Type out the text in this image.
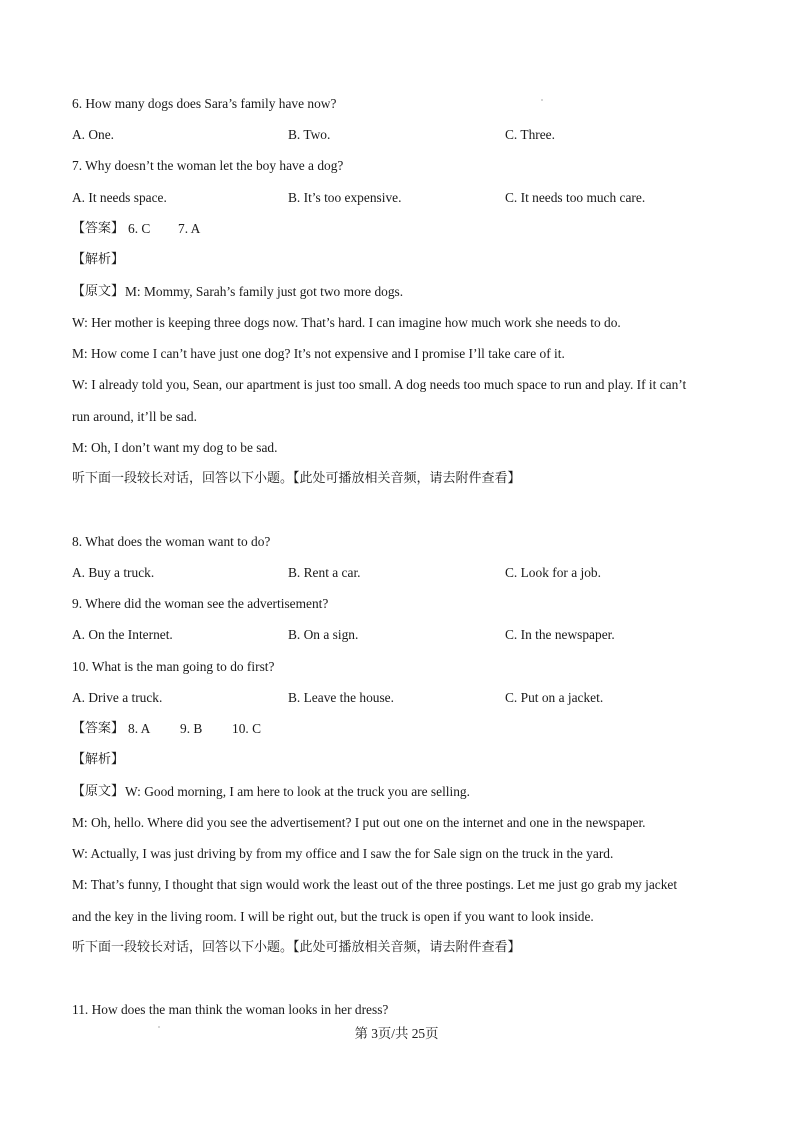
6. How many dogs does Sara’s family have now?
A. One.	B. Two.	C. Three.
7. Why doesn’t the woman let the boy have a dog?
A. It needs space.	B. It’s too expensive.	C. It needs too much care.
【答案】 6. C 7. A
【解析】
【原文】 M: Mommy, Sarah’s family just got two more dogs.
W: Her mother is keeping three dogs now. That’s hard. I can imagine how much work she needs to do.
M: How come I can’t have just one dog? It’s not expensive and I promise I’ll take care of it.
W: I already told you, Sean, our apartment is just too small. A dog needs too much space to run and play. If it can’t
run around, it’ll be sad.
M: Oh, I don’t want my dog to be sad.
听下面一段较长对话，回答以下小题。【此处可播放相关音频，请去附件查看】
8. What does the woman want to do?
A. Buy a truck.	B. Rent a car.	C. Look for a job.
9. Where did the woman see the advertisement?
A. On the Internet.	B. On a sign.	C. In the newspaper.
10. What is the man going to do first?
A. Drive a truck.	B. Leave the house.	C. Put on a jacket.
【答案】 8. A 9. B 10. C
【解析】
【原文】 W: Good morning, I am here to look at the truck you are selling.
M: Oh, hello. Where did you see the advertisement? I put out one on the internet and one in the newspaper.
W: Actually, I was just driving by from my office and I saw the for Sale sign on the truck in the yard.
M: That’s funny, I thought that sign would work the least out of the three postings. Let me just go grab my jacket
and the key in the living room. I will be right out, but the truck is open if you want to look inside.
听下面一段较长对话，回答以下小题。【此处可播放相关音频，请去附件查看】
11. How does the man think the woman looks in her dress?
第 3页/共 25页
